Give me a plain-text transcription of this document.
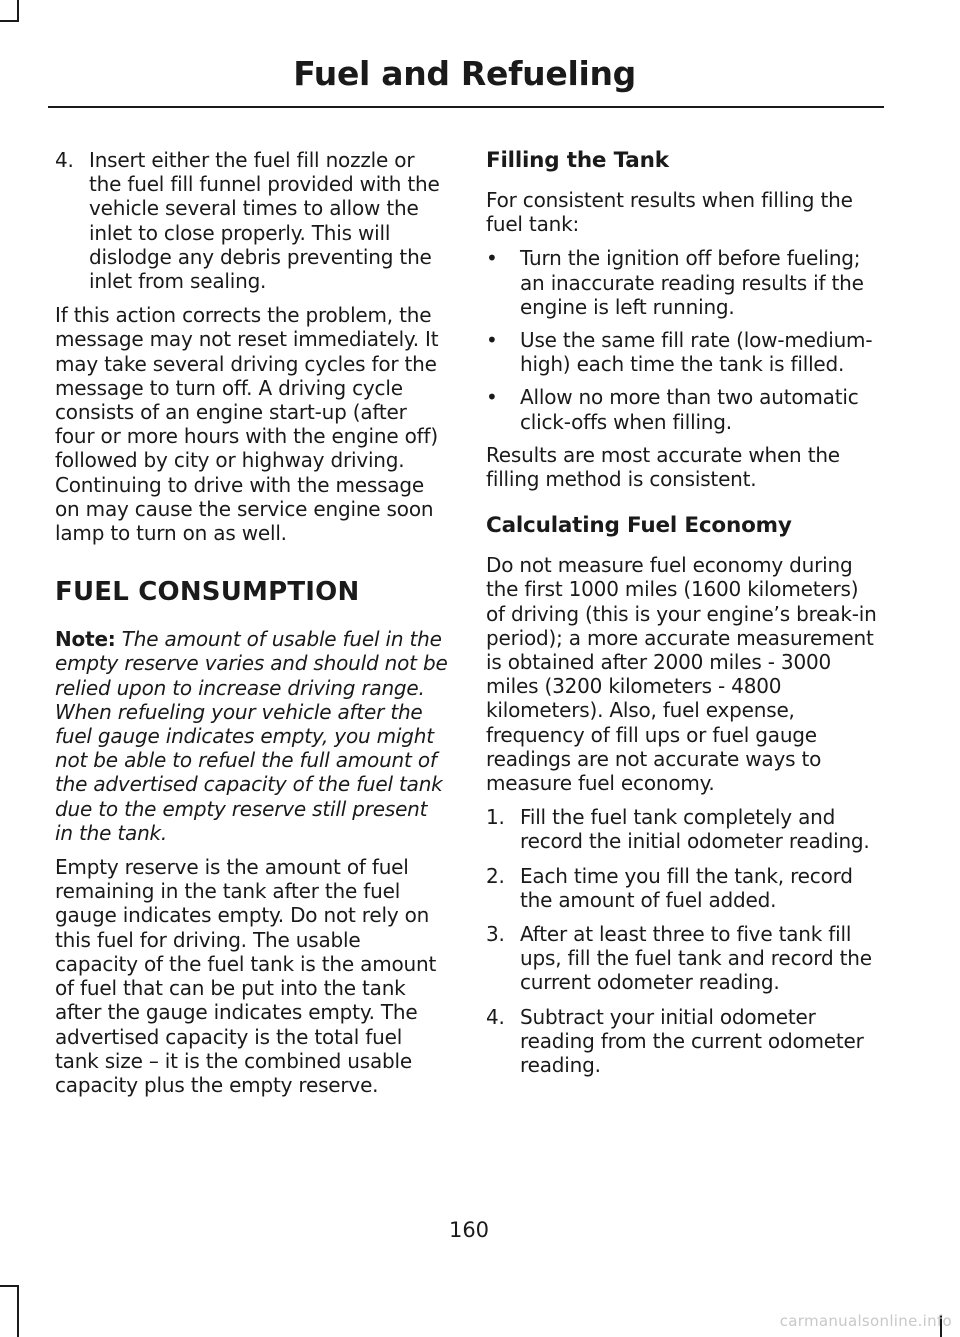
Fuel and Refueling
4. Insert either the fuel fill nozzle or the fuel fill funnel provided with the vehicle several times to allow the inlet to close properly. This will dislodge any debris preventing the inlet from sealing.

If this action corrects the problem, the message may not reset immediately. It may take several driving cycles for the message to turn off. A driving cycle consists of an engine start-up (after four or more hours with the engine off) followed by city or highway driving. Continuing to drive with the message on may cause the service engine soon lamp to turn on as well.

FUEL CONSUMPTION

Note: The amount of usable fuel in the empty reserve varies and should not be relied upon to increase driving range. When refueling your vehicle after the fuel gauge indicates empty, you might not be able to refuel the full amount of the advertised capacity of the fuel tank due to the empty reserve still present in the tank.

Empty reserve is the amount of fuel remaining in the tank after the fuel gauge indicates empty. Do not rely on this fuel for driving. The usable capacity of the fuel tank is the amount of fuel that can be put into the tank after the gauge indicates empty. The advertised capacity is the total fuel tank size – it is the combined usable capacity plus the empty reserve.

Filling the Tank

For consistent results when filling the fuel tank:

• Turn the ignition off before fueling; an inaccurate reading results if the engine is left running.
• Use the same fill rate (low-medium-high) each time the tank is filled.
• Allow no more than two automatic click-offs when filling.

Results are most accurate when the filling method is consistent.

Calculating Fuel Economy

Do not measure fuel economy during the first 1000 miles (1600 kilometers) of driving (this is your engine’s break-in period); a more accurate measurement is obtained after 2000 miles - 3000 miles (3200 kilometers - 4800 kilometers). Also, fuel expense, frequency of fill ups or fuel gauge readings are not accurate ways to measure fuel economy.

1. Fill the fuel tank completely and record the initial odometer reading.
2. Each time you fill the tank, record the amount of fuel added.
3. After at least three to five tank fill ups, fill the fuel tank and record the current odometer reading.
4. Subtract your initial odometer reading from the current odometer reading.
160
carmanualsonline.info
